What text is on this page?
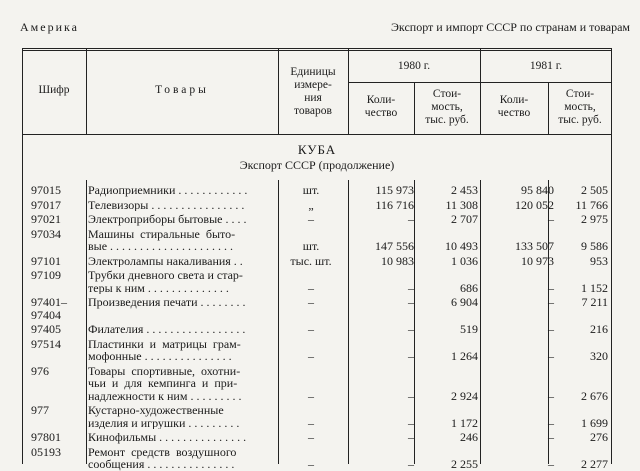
Америка	Экспорт и импорт СССР по странам и товарам
Шифр	Товары
Единицы
измере-
ния
товаров
1980 г.	1981 г.
Коли-
чество
Стои-
мость,
тыс. руб.
Коли-
чество
Стои-
мость,
тыс. руб.
КУБА
Экспорт СССР (продолжение)
97015	Радиоприемники . . . . . . . . . . . .	шт.	115 973	2 453	95 840	2 505
97017	Телевизоры . . . . . . . . . . . . . . . .	„	116 716	11 308	120 052	11 766
97021	Электроприборы бытовые . . . .	–	–	2 707	–	2 975
97034	Машины  стиральные  быто-
вые . . . . . . . . . . . . . . . . . . . . .	шт.	147 556	10 493	133 507	9 586
97101	Электролампы накаливания . .	тыс. шт.	10 983	1 036	10 973	953
97109	Трубки дневного света и стар-
теры к ним . . . . . . . . . . . . . .	–	–	686	–	1 152
97401–
97404
Произведения печати . . . . . . . .	–	–	6 904	–	7 211
97405	Филателия . . . . . . . . . . . . . . . . .	–	–	519	–	216
97514	Пластинки  и  матрицы  грам-
мофонные . . . . . . . . . . . . . . .	–	–	1 264	–	320
976	Товары  спортивные,  охотни-
чьи  и  для  кемпинга  и  при-
надлежности к ним . . . . . . . . .	–	–	2 924	–	2 676
977	Кустарно-художественные
изделия и игрушки . . . . . . . . .	–	–	1 172	–	1 699
97801	Кинофильмы . . . . . . . . . . . . . . .	–	–	246	–	276
05193	Ремонт  средств  воздушного
сообщения . . . . . . . . . . . . . . .	–	–	2 255	–	2 277
